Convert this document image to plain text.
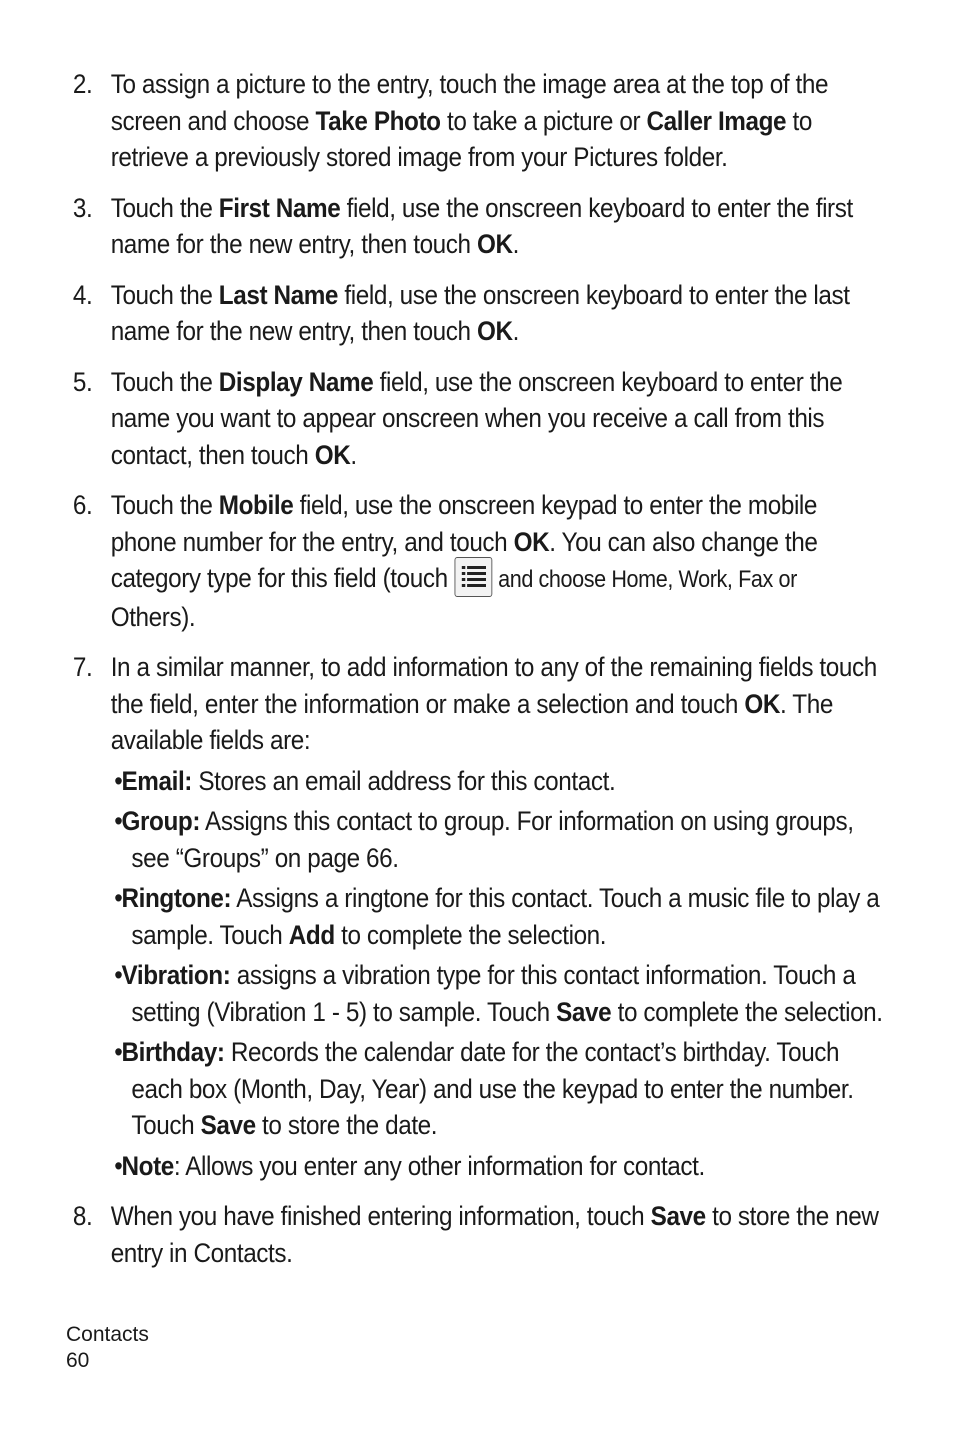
2. To assign a picture to the entry, touch the image area at the top of the screen and choose Take Photo to take a picture or Caller Image to retrieve a previously stored image from your Pictures folder.
3. Touch the First Name field, use the onscreen keyboard to enter the first name for the new entry, then touch OK.
4. Touch the Last Name field, use the onscreen keyboard to enter the last name for the new entry, then touch OK.
5. Touch the Display Name field, use the onscreen keyboard to enter the name you want to appear onscreen when you receive a call from this contact, then touch OK.
6. Touch the Mobile field, use the onscreen keypad to enter the mobile phone number for the entry, and touch OK. You can also change the category type for this field (touch and choose Home, Work, Fax or
Others).
7. In a similar manner, to add information to any of the remaining fields touch the field, enter the information or make a selection and touch OK. The available fields are:
•Email: Stores an email address for this contact.
•Group: Assigns this contact to group. For information on using groups, see “Groups” on page 66.
•Ringtone: Assigns a ringtone for this contact. Touch a music file to play a sample. Touch Add to complete the selection.
•Vibration: assigns a vibration type for this contact information. Touch a setting (Vibration 1 - 5) to sample. Touch Save to complete the selection.
•Birthday: Records the calendar date for the contact’s birthday. Touch each box (Month, Day, Year) and use the keypad to enter the number. Touch Save to store the date.
•Note: Allows you enter any other information for contact.
8. When you have finished entering information, touch Save to store the new entry in Contacts.
Contacts
60
